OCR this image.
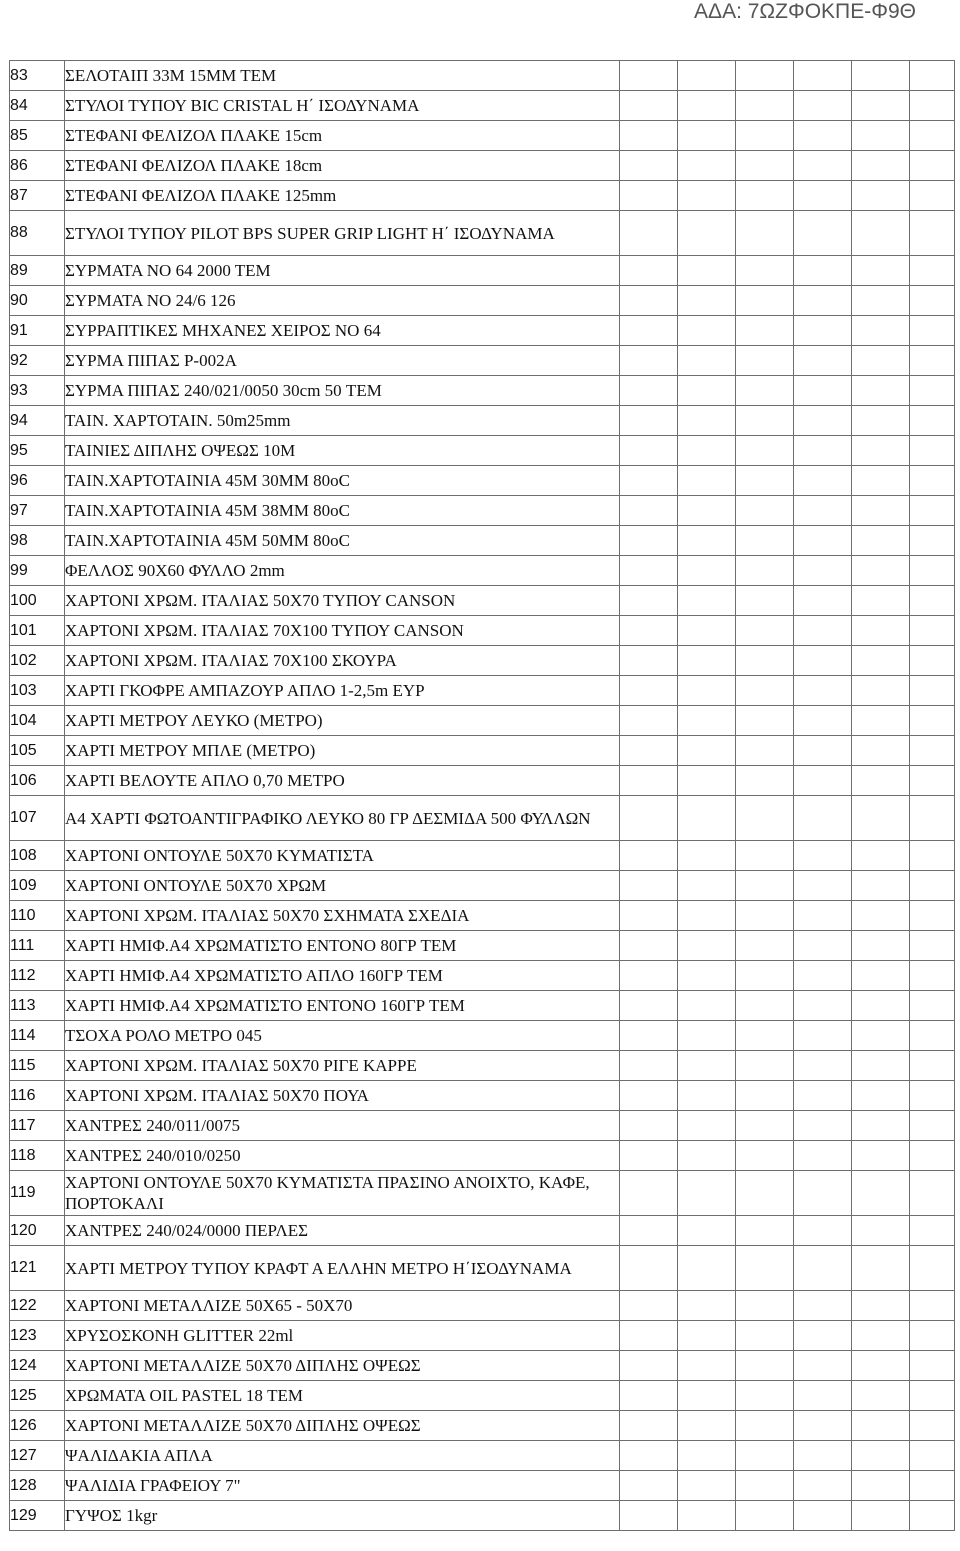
ΑΔΑ: 7ΩΖΦΟΚΠΕ-Φ9Θ
83	ΣΕΛΟΤΑΙΠ 33Μ 15ΜΜ ΤΕΜ						
84	ΣΤΥΛΟΙ ΤΥΠΟΥ BIC CRISTAL Η΄ ΙΣΟΔΥΝΑΜΑ						
85	ΣΤΕΦΑΝΙ ΦΕΛΙΖΟΛ ΠΛΑΚΕ 15cm						
86	ΣΤΕΦΑΝΙ ΦΕΛΙΖΟΛ ΠΛΑΚΕ 18cm						
87	ΣΤΕΦΑΝΙ ΦΕΛΙΖΟΛ ΠΛΑΚΕ 125mm						
88	ΣΤΥΛΟΙ ΤΥΠΟΥ PILOT BPS SUPER GRIP LIGHT Η΄ ΙΣΟΔΥΝΑΜΑ						
89	ΣΥΡΜΑΤΑ ΝΟ 64 2000 ΤΕΜ						
90	ΣΥΡΜΑΤΑ ΝΟ 24/6 126						
91	ΣΥΡΡΑΠΤΙΚΕΣ ΜΗΧΑΝΕΣ ΧΕΙΡΟΣ ΝΟ 64						
92	ΣΥΡΜΑ ΠΙΠΑΣ Ρ-002Α						
93	ΣΥΡΜΑ ΠΙΠΑΣ 240/021/0050 30cm 50 ΤΕΜ						
94	ΤΑΙΝ. ΧΑΡΤΟΤΑΙΝ. 50m25mm						
95	ΤΑΙΝΙΕΣ ΔΙΠΛΗΣ ΟΨΕΩΣ 10Μ						
96	ΤΑΙΝ.ΧΑΡΤΟΤΑΙΝΙΑ 45Μ 30ΜΜ 80οC						
97	ΤΑΙΝ.ΧΑΡΤΟΤΑΙΝΙΑ 45Μ 38ΜΜ 80οC						
98	ΤΑΙΝ.ΧΑΡΤΟΤΑΙΝΙΑ 45Μ 50ΜΜ 80οC						
99	ΦΕΛΛΟΣ 90Χ60 ΦΥΛΛΟ 2mm						
100	ΧΑΡΤΟΝΙ ΧΡΩΜ. ΙΤΑΛΙΑΣ 50Χ70 ΤΥΠΟΥ CANSON						
101	ΧΑΡΤΟΝΙ ΧΡΩΜ. ΙΤΑΛΙΑΣ 70Χ100 ΤΥΠΟΥ CANSON						
102	ΧΑΡΤΟΝΙ ΧΡΩΜ. ΙΤΑΛΙΑΣ 70Χ100 ΣΚΟΥΡΑ						
103	ΧΑΡΤΙ ΓΚΟΦΡΕ ΑΜΠΑΖΟΥΡ ΑΠΛΟ 1-2,5m ΕΥΡ						
104	ΧΑΡΤΙ ΜΕΤΡΟΥ ΛΕΥΚΟ (ΜΕΤΡΟ)						
105	ΧΑΡΤΙ ΜΕΤΡΟΥ ΜΠΛΕ (ΜΕΤΡΟ)						
106	ΧΑΡΤΙ ΒΕΛΟΥΤΕ ΑΠΛΟ 0,70 ΜΕΤΡΟ						
107	Α4 ΧΑΡΤΙ ΦΩΤΟΑΝΤΙΓΡΑΦΙΚΟ ΛΕΥΚΟ 80 ΓΡ ΔΕΣΜΙΔΑ 500 ΦΥΛΛΩΝ						
108	ΧΑΡΤΟΝΙ ΟΝΤΟΥΛΕ 50Χ70 ΚΥΜΑΤΙΣΤΑ						
109	ΧΑΡΤΟΝΙ ΟΝΤΟΥΛΕ 50Χ70 ΧΡΩΜ						
110	ΧΑΡΤΟΝΙ ΧΡΩΜ. ΙΤΑΛΙΑΣ 50Χ70 ΣΧΗΜΑΤΑ ΣΧΕΔΙΑ						
111	ΧΑΡΤΙ ΗΜΙΦ.Α4 ΧΡΩΜΑΤΙΣΤΟ ΕΝΤΟΝΟ 80ΓΡ ΤΕΜ						
112	ΧΑΡΤΙ ΗΜΙΦ.Α4 ΧΡΩΜΑΤΙΣΤΟ ΑΠΛΟ 160ΓΡ ΤΕΜ						
113	ΧΑΡΤΙ ΗΜΙΦ.Α4 ΧΡΩΜΑΤΙΣΤΟ ΕΝΤΟΝΟ 160ΓΡ ΤΕΜ						
114	ΤΣΟΧΑ ΡΟΛΟ ΜΕΤΡΟ 045						
115	ΧΑΡΤΟΝΙ ΧΡΩΜ. ΙΤΑΛΙΑΣ 50Χ70 ΡΙΓΕ ΚΑΡΡΕ						
116	ΧΑΡΤΟΝΙ ΧΡΩΜ. ΙΤΑΛΙΑΣ 50Χ70 ΠΟΥΑ						
117	ΧΑΝΤΡΕΣ 240/011/0075						
118	ΧΑΝΤΡΕΣ 240/010/0250						
119	ΧΑΡΤΟΝΙ ΟΝΤΟΥΛΕ 50Χ70 ΚΥΜΑΤΙΣΤΑ ΠΡΑΣΙΝΟ ΑΝΟΙΧΤΟ, ΚΑΦΕ, ΠΟΡΤΟΚΑΛΙ						
120	ΧΑΝΤΡΕΣ 240/024/0000 ΠΕΡΛΕΣ						
121	ΧΑΡΤΙ ΜΕΤΡΟΥ ΤΥΠΟΥ ΚΡΑΦΤ Α ΕΛΛΗΝ ΜΕΤΡΟ Η΄ΙΣΟΔΥΝΑΜΑ						
122	ΧΑΡΤΟΝΙ ΜΕΤΑΛΛΙΖΕ 50Χ65 - 50Χ70						
123	ΧΡΥΣΟΣΚΟΝΗ GLITTER 22ml						
124	ΧΑΡΤΟΝΙ ΜΕΤΑΛΛΙΖΕ 50Χ70 ΔΙΠΛΗΣ ΟΨΕΩΣ						
125	ΧΡΩΜΑΤΑ OIL PASTEL 18 ΤΕΜ						
126	ΧΑΡΤΟΝΙ ΜΕΤΑΛΛΙΖΕ 50Χ70 ΔΙΠΛΗΣ ΟΨΕΩΣ						
127	ΨΑΛΙΔΑΚΙΑ ΑΠΛΑ						
128	ΨΑΛΙΔΙΑ ΓΡΑΦΕΙΟΥ 7"						
129	ΓΥΨΟΣ 1kgr						
